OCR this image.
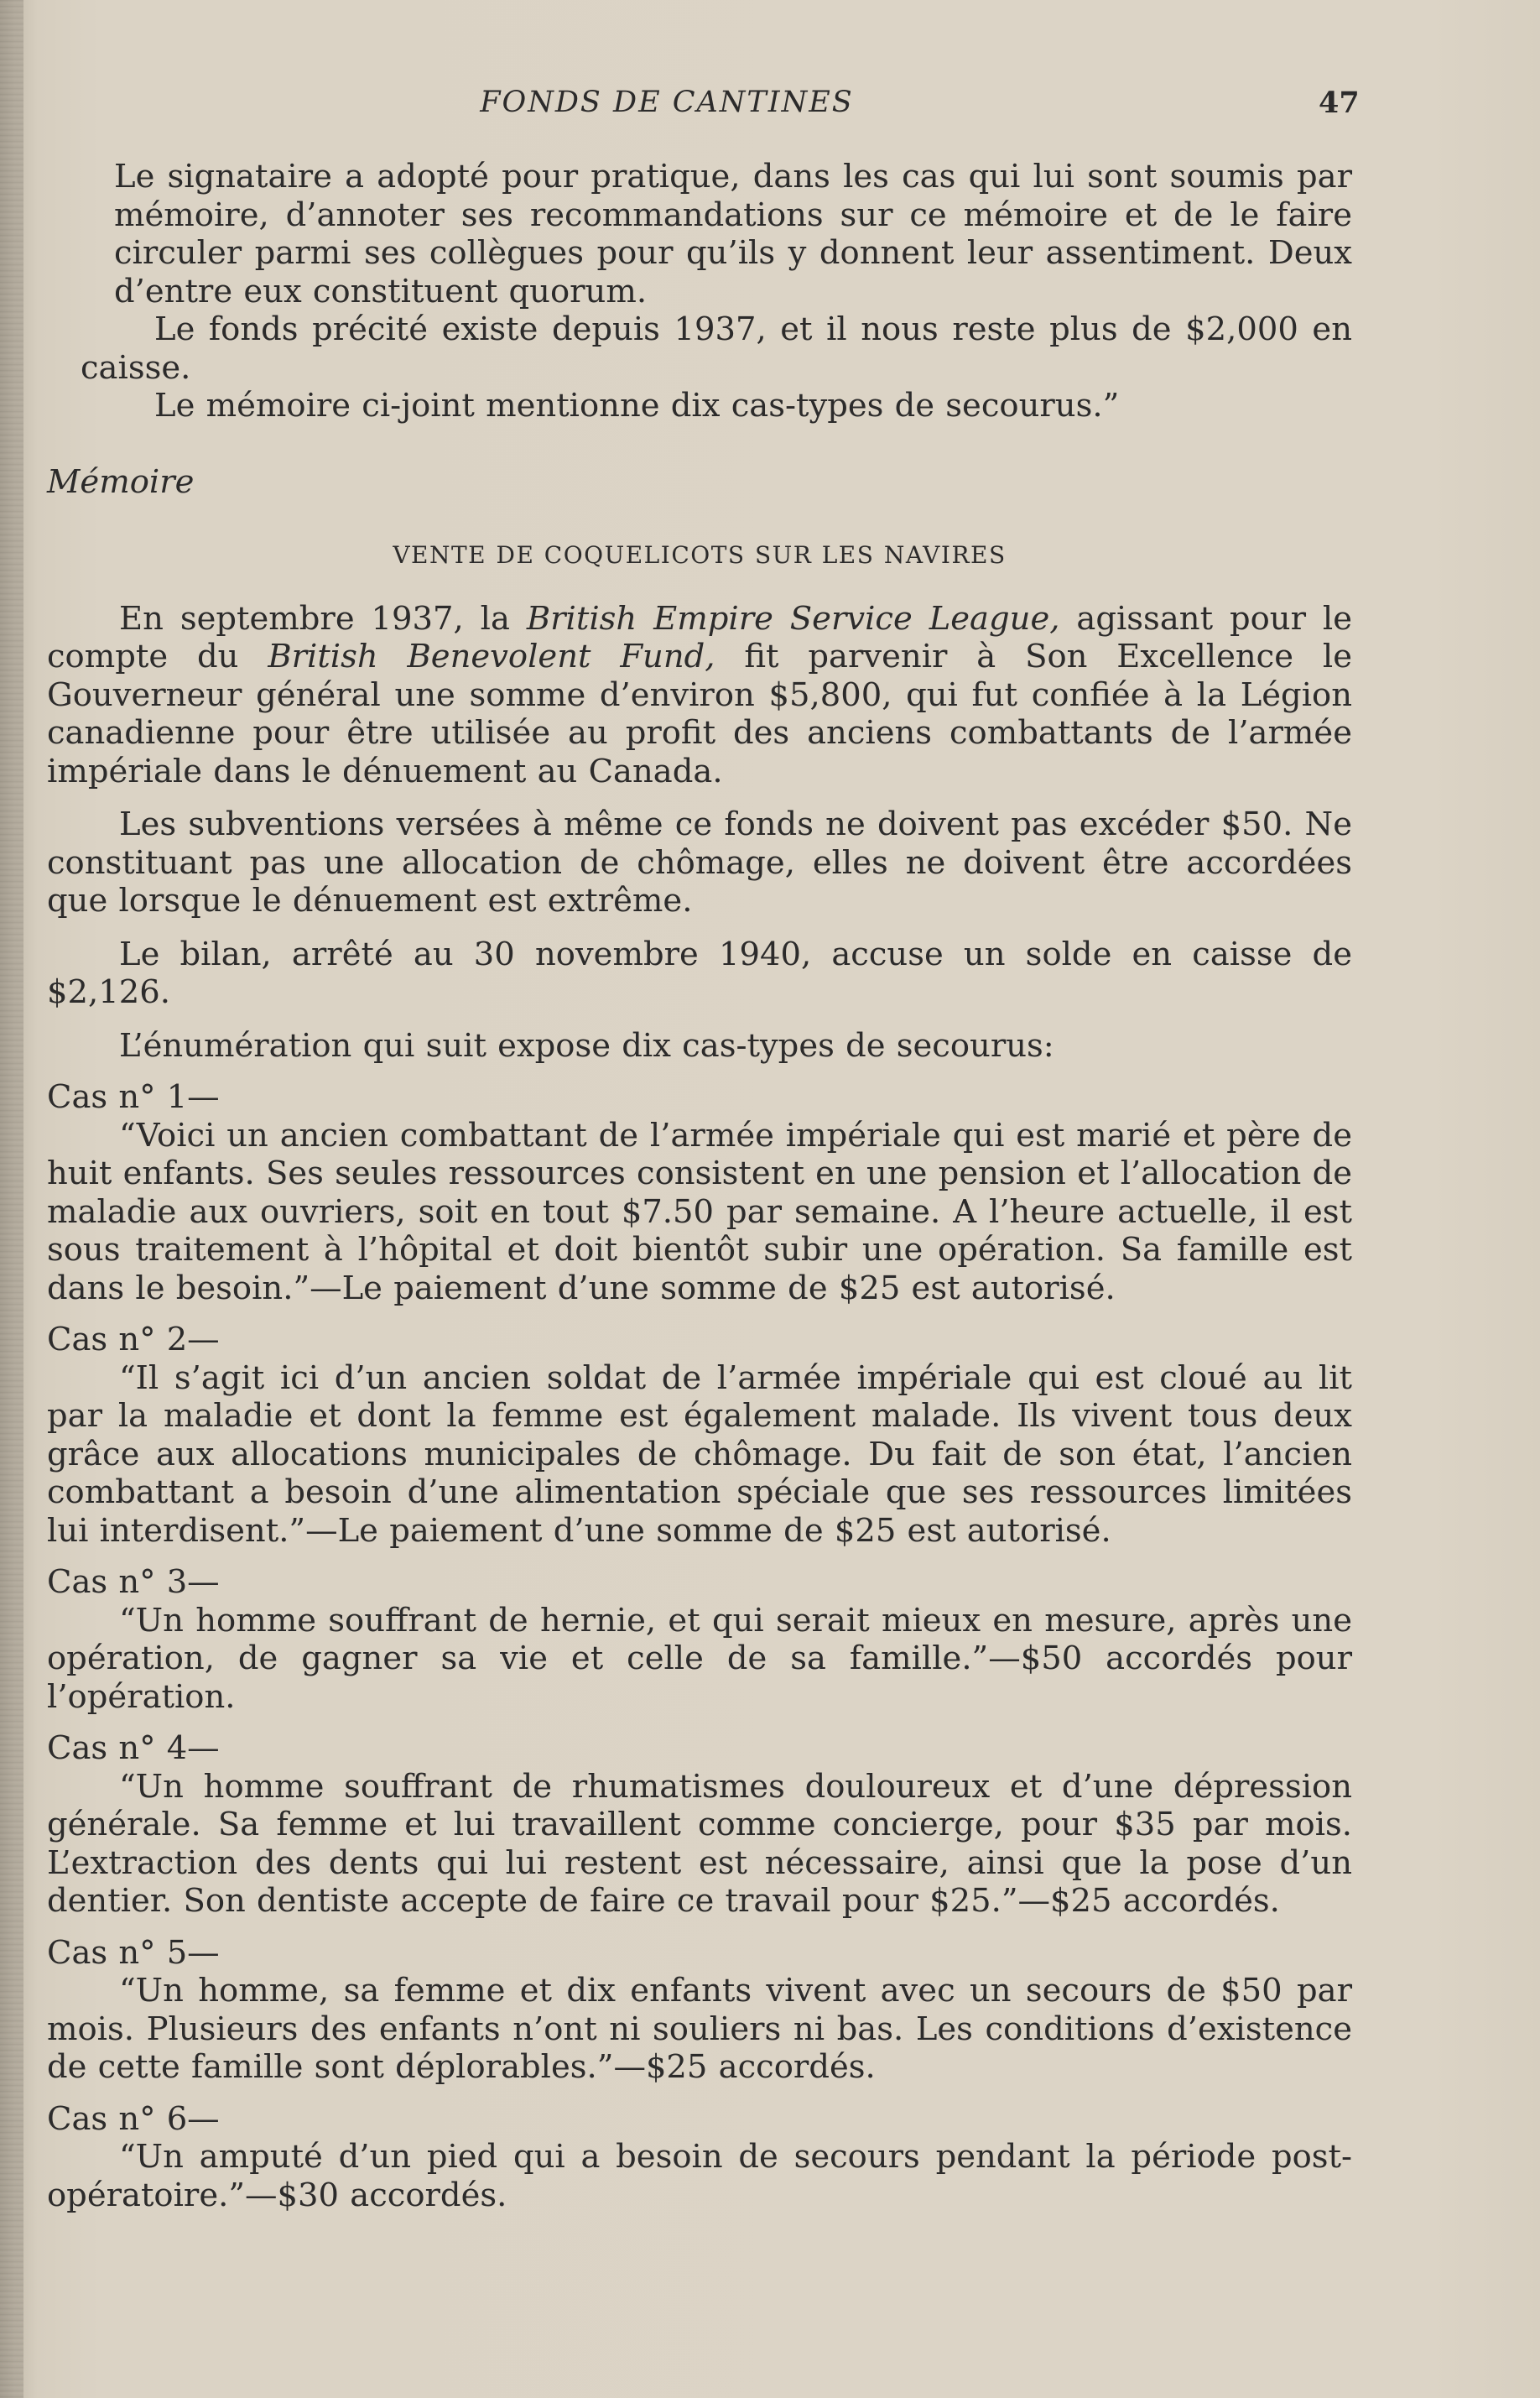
FONDS DE CANTINES	47

Le signataire a adopté pour pratique, dans les cas qui lui sont soumis par mémoire, d’annoter ses recommandations sur ce mémoire et de le faire circuler parmi ses collègues pour qu’ils y donnent leur assentiment. Deux d’entre eux constituent quorum.

Le fonds précité existe depuis 1937, et il nous reste plus de $2,000 en caisse.

Le mémoire ci-joint mentionne dix cas-types de secourus.”

Mémoire

VENTE DE COQUELICOTS SUR LES NAVIRES

En septembre 1937, la British Empire Service League, agissant pour le compte du British Benevolent Fund, fit parvenir à Son Excellence le Gouverneur général une somme d’environ $5,800, qui fut confiée à la Légion canadienne pour être utilisée au profit des anciens combattants de l’armée impériale dans le dénuement au Canada.

Les subventions versées à même ce fonds ne doivent pas excéder $50. Ne constituant pas une allocation de chômage, elles ne doivent être accordées que lorsque le dénuement est extrême.

Le bilan, arrêté au 30 novembre 1940, accuse un solde en caisse de $2,126.

L’énumération qui suit expose dix cas-types de secourus:

Cas n° 1—

“Voici un ancien combattant de l’armée impériale qui est marié et père de huit enfants. Ses seules ressources consistent en une pension et l’allocation de maladie aux ouvriers, soit en tout $7.50 par semaine. A l’heure actuelle, il est sous traitement à l’hôpital et doit bientôt subir une opération. Sa famille est dans le besoin.”—Le paiement d’une somme de $25 est autorisé.

Cas n° 2—

“Il s’agit ici d’un ancien soldat de l’armée impériale qui est cloué au lit par la maladie et dont la femme est également malade. Ils vivent tous deux grâce aux allocations municipales de chômage. Du fait de son état, l’ancien combattant a besoin d’une alimentation spéciale que ses ressources limitées lui interdisent.”—Le paiement d’une somme de $25 est autorisé.

Cas n° 3—

“Un homme souffrant de hernie, et qui serait mieux en mesure, après une opération, de gagner sa vie et celle de sa famille.”—$50 accordés pour l’opération.

Cas n° 4—

“Un homme souffrant de rhumatismes douloureux et d’une dépression générale. Sa femme et lui travaillent comme concierge, pour $35 par mois. L’extraction des dents qui lui restent est nécessaire, ainsi que la pose d’un dentier. Son dentiste accepte de faire ce travail pour $25.”—$25 accordés.

Cas n° 5—

“Un homme, sa femme et dix enfants vivent avec un secours de $50 par mois. Plusieurs des enfants n’ont ni souliers ni bas. Les conditions d’existence de cette famille sont déplorables.”—$25 accordés.

Cas n° 6—

“Un amputé d’un pied qui a besoin de secours pendant la période post-opératoire.”—$30 accordés.
